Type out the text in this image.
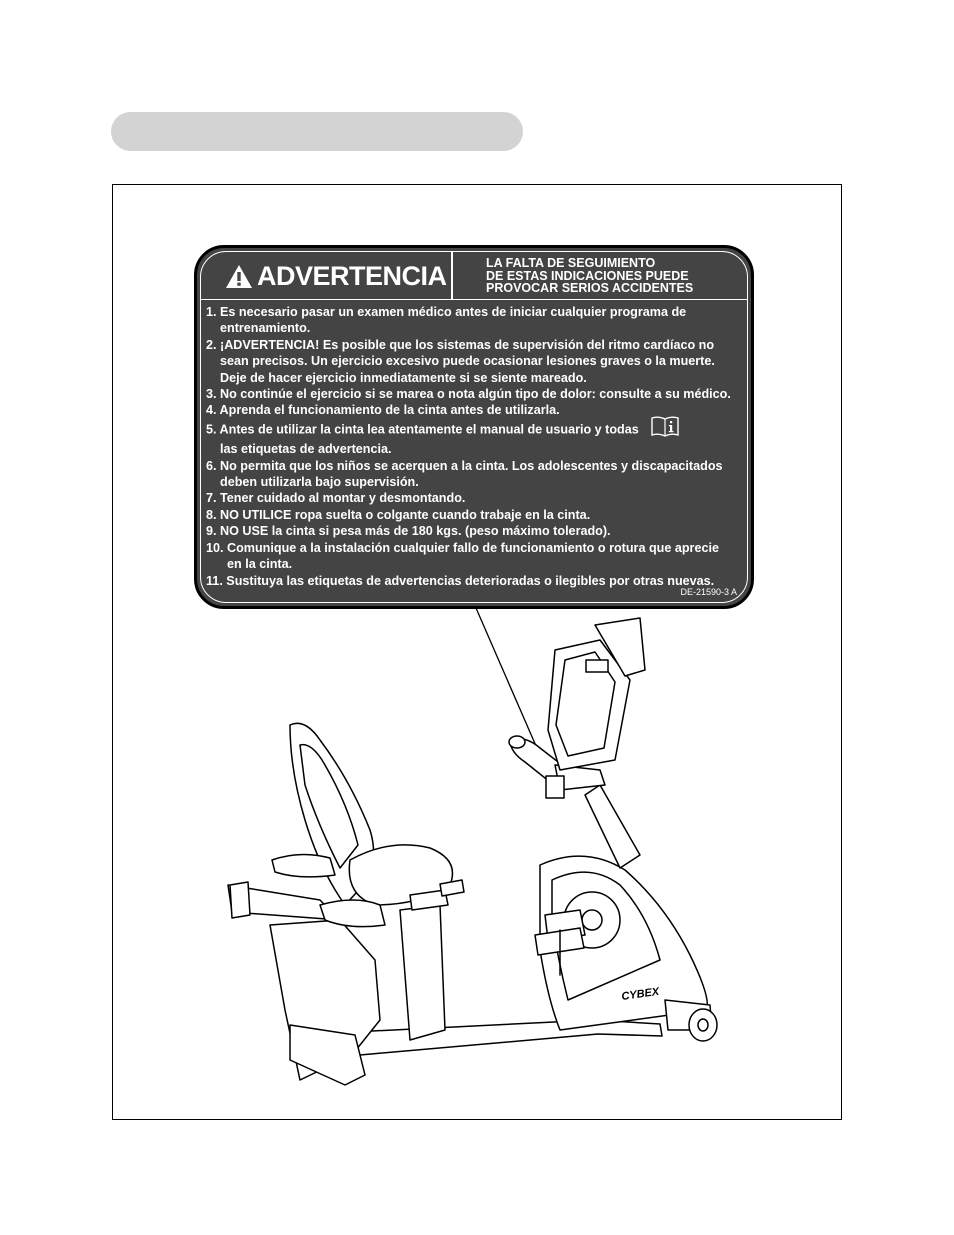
CYBEX
ADVERTENCIA	LA FALTA DE SEGUIMIENTO
DE ESTAS INDICACIONES PUEDE
PROVOCAR SERIOS ACCIDENTES
1. Es necesario pasar un examen médico antes de iniciar cualquier programa de
entrenamiento.
2. ¡ADVERTENCIA! Es posible que los sistemas de supervisión del ritmo cardíaco no
sean precisos. Un ejercicio excesivo puede ocasionar lesiones graves o la muerte.
Deje de hacer ejercicio inmediatamente si se siente mareado.
3. No continúe el ejercicio si se marea o nota algún tipo de dolor: consulte a su médico.
4. Aprenda el funcionamiento de la cinta antes de utilizarla.
5. Antes de utilizar la cinta lea atentamente el manual de usuario y todas
las etiquetas de advertencia.
6. No permita que los niños se acerquen a la cinta. Los adolescentes y discapacitados
deben utilizarla bajo supervisión.
7. Tener cuidado al montar y desmontando.
8. NO UTILICE ropa suelta o colgante cuando trabaje en la cinta.
9. NO USE la cinta si pesa más de 180 kgs. (peso máximo tolerado).
10. Comunique a la instalación cualquier fallo de funcionamiento o rotura que aprecie
en la cinta.
11. Sustituya las etiquetas de advertencias deterioradas o ilegibles por otras nuevas.
DE-21590-3 A
